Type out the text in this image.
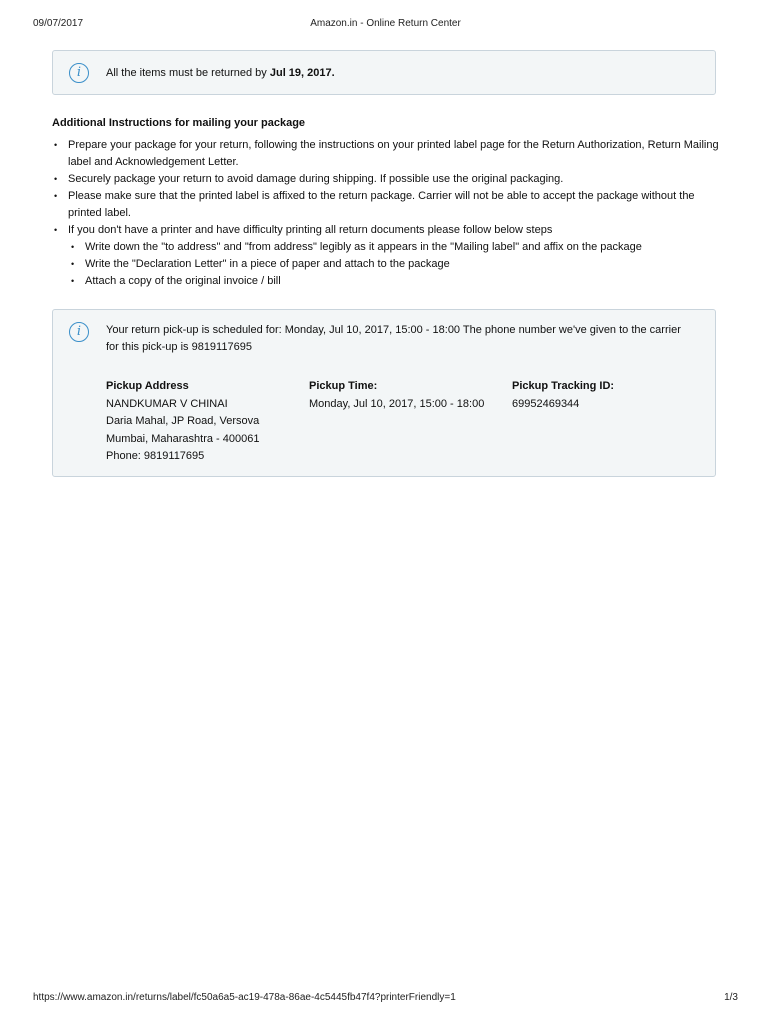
09/07/2017	Amazon.in - Online Return Center
i	All the items must be returned by Jul 19, 2017.
Additional Instructions for mailing your package
• Prepare your package for your return, following the instructions on your printed label page for the Return Authorization, Return Mailing label and Acknowledgement Letter.
• Securely package your return to avoid damage during shipping. If possible use the original packaging.
• Please make sure that the printed label is affixed to the return package. Carrier will not be able to accept the package without the printed label.
• If you don't have a printer and have difficulty printing all return documents please follow below steps
• Write down the "to address" and "from address" legibly as it appears in the "Mailing label" and affix on the package
• Write the "Declaration Letter" in a piece of paper and attach to the package
• Attach a copy of the original invoice / bill
i	Your return pick-up is scheduled for: Monday, Jul 10, 2017, 15:00 - 18:00 The phone number we've given to the carrier for this pick-up is 9819117695
Pickup Address
NANDKUMAR V CHINAI
Daria Mahal, JP Road, Versova
Mumbai, Maharashtra - 400061
Phone: 9819117695
Pickup Time:
Monday, Jul 10, 2017, 15:00 - 18:00
Pickup Tracking ID:
69952469344
https://www.amazon.in/returns/label/fc50a6a5-ac19-478a-86ae-4c5445fb47f4?printerFriendly=1	1/3
